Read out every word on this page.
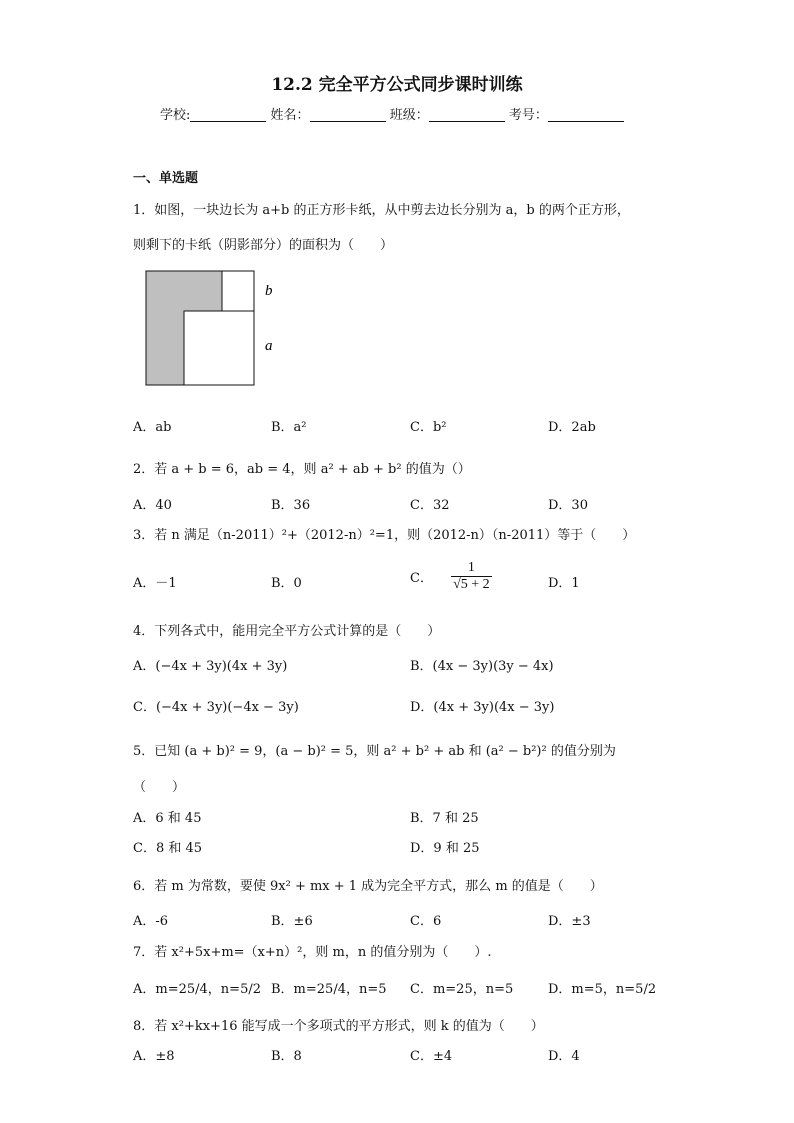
12.2 完全平方公式同步课时训练
学校:	姓名：	班级：	考号：
一、单选题
1．如图，一块边长为 a+b 的正方形卡纸，从中剪去边长分别为 a，b 的两个正方形，
则剩下的卡纸（阴影部分）的面积为（　　）
b
a
A．ab	B．a²	C．b²	D．2ab
2．若 a + b = 6，ab = 4，则 a² + ab + b² 的值为（）
A．40	B．36	C．32	D．30
3．若 n 满足（n-2011）²+（2012-n）²=1，则（2012-n）（n-2011）等于（　　）
A．－1	B．0	C． $\frac{1}{√5 + 2}$	D．1
4．下列各式中，能用完全平方公式计算的是（　　）
A．(−4x + 3y)(4x + 3y)	B．(4x − 3y)(3y − 4x)
C．(−4x + 3y)(−4x − 3y)	D．(4x + 3y)(4x − 3y)
5．已知 (a + b)² = 9，(a − b)² = 5，则 a² + b² + ab 和 (a² − b²)² 的值分别为
（　　）
A．6 和 45	B．7 和 25
C．8 和 45	D．9 和 25
6．若 m 为常数，要使 9x² + mx + 1 成为完全平方式，那么 m 的值是（　　）
A．-6	B．±6	C．6	D．±3
7．若 x²+5x+m=（x+n）²，则 m，n 的值分别为（　　）.
A．m=25/4，n=5/2 B．m=25/4，n=5 C．m=25，n=5	D．m=5，n=5/2
8．若 x²+kx+16 能写成一个多项式的平方形式，则 k 的值为（　　）
A．±8	B．8	C．±4	D．4
